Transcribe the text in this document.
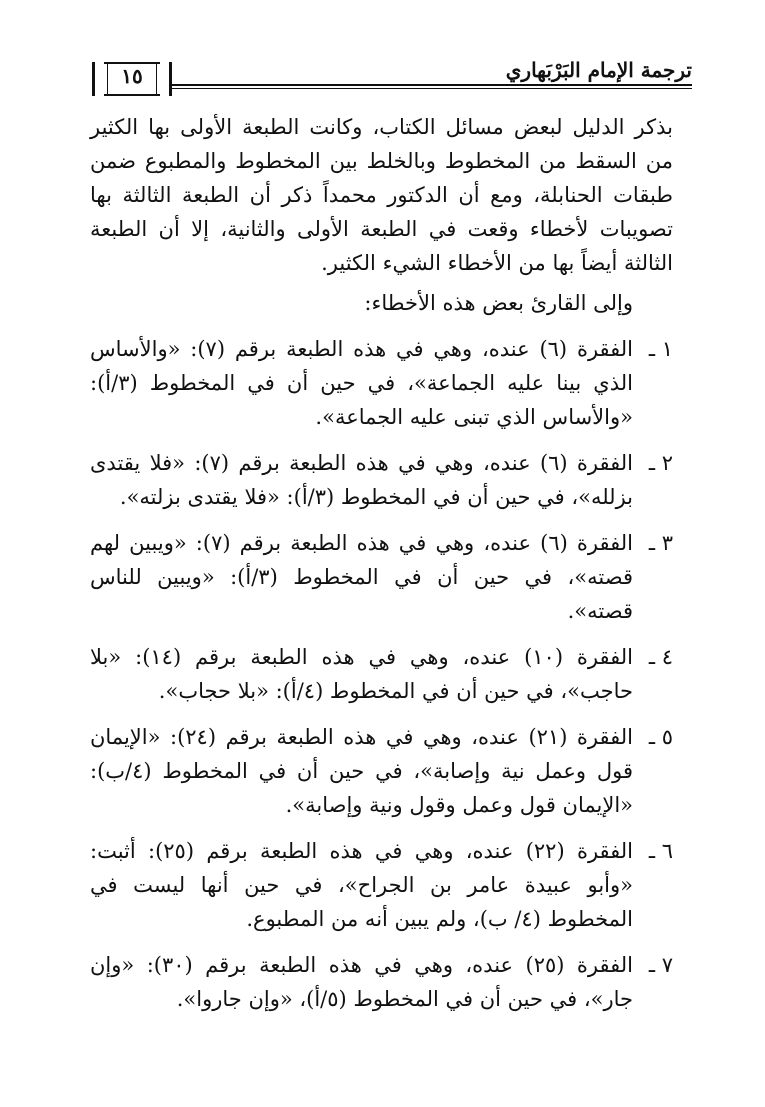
ترجمة الإمام البَرْبَهاري
١٥

بذكر الدليل لبعض مسائل الكتاب، وكانت الطبعة الأولى بها الكثير من السقط من المخطوط وبالخلط بين المخطوط والمطبوع ضمن طبقات الحنابلة، ومع أن الدكتور محمداً ذكر أن الطبعة الثالثة بها تصويبات لأخطاء وقعت في الطبعة الأولى والثانية، إلا أن الطبعة الثالثة أيضاً بها من الأخطاء الشيء الكثير.

وإلى القارئ بعض هذه الأخطاء:

١ ـ
الفقرة (٦) عنده، وهي في هذه الطبعة برقم (٧): «والأساس الذي بينا عليه الجماعة»، في حين أن في المخطوط (٣/أ): «والأساس الذي تبنى عليه الجماعة».
٢ ـ
الفقرة (٦) عنده، وهي في هذه الطبعة برقم (٧): «فلا يقتدى بزلله»، في حين أن في المخطوط (٣/أ): «فلا يقتدى بزلته».
٣ ـ
الفقرة (٦) عنده، وهي في هذه الطبعة برقم (٧): «ويبين لهم قصته»، في حين أن في المخطوط (٣/أ): «ويبين للناس قصته».
٤ ـ
الفقرة (١٠) عنده، وهي في هذه الطبعة برقم (١٤): «بلا حاجب»، في حين أن في المخطوط (٤/أ): «بلا حجاب».
٥ ـ
الفقرة (٢١) عنده، وهي في هذه الطبعة برقم (٢٤): «الإيمان قول وعمل نية وإصابة»، في حين أن في المخطوط (٤/ب): «الإيمان قول وعمل وقول ونية وإصابة».
٦ ـ
الفقرة (٢٢) عنده، وهي في هذه الطبعة برقم (٢٥): أثبت: «وأبو عبيدة عامر بن الجراح»، في حين أنها ليست في المخطوط (٤/ ب)، ولم يبين أنه من المطبوع.
٧ ـ
الفقرة (٢٥) عنده، وهي في هذه الطبعة برقم (٣٠): «وإن جار»، في حين أن في المخطوط (٥/أ)، «وإن جاروا».
